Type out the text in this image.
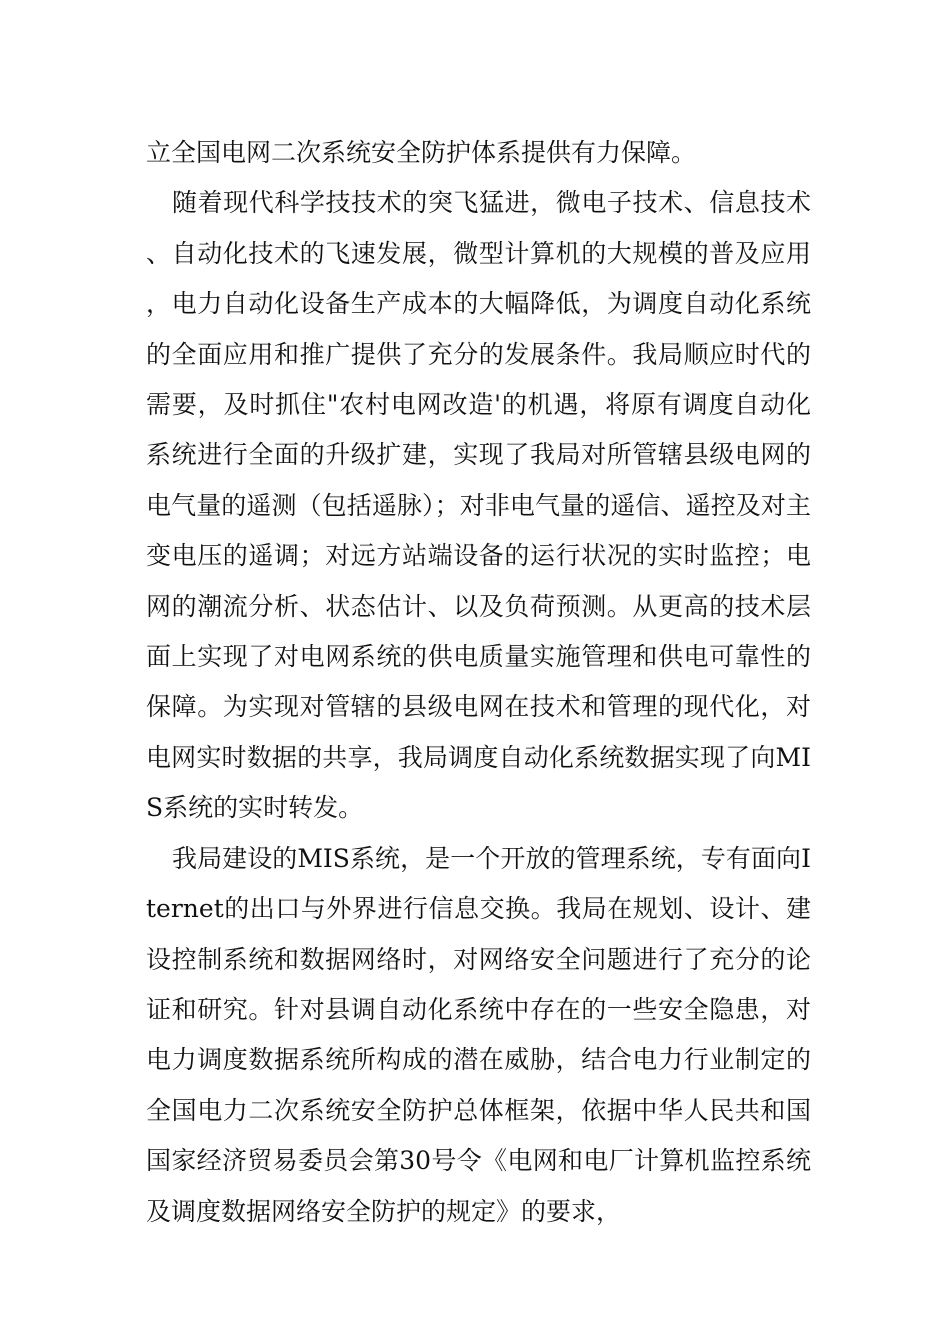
立全国电网二次系统安全防护体系提供有力保障。

随着现代科学技技术的突飞猛进，微电子技术、信息技术、自动化技术的飞速发展，微型计算机的大规模的普及应用，电力自动化设备生产成本的大幅降低，为调度自动化系统的全面应用和推广提供了充分的发展条件。我局顺应时代的需要，及时抓住"农村电网改造'的机遇，将原有调度自动化系统进行全面的升级扩建，实现了我局对所管辖县级电网的电气量的遥测（包括遥脉）；对非电气量的遥信、遥控及对主变电压的遥调；对远方站端设备的运行状况的实时监控；电网的潮流分析、状态估计、以及负荷预测。从更高的技术层面上实现了对电网系统的供电质量实施管理和供电可靠性的保障。为实现对管辖的县级电网在技术和管理的现代化，对电网实时数据的共享，我局调度自动化系统数据实现了向MIS系统的实时转发。

我局建设的MIS系统，是一个开放的管理系统，专有面向Iternet的出口与外界进行信息交换。我局在规划、设计、建设控制系统和数据网络时，对网络安全问题进行了充分的论证和研究。针对县调自动化系统中存在的一些安全隐患，对电力调度数据系统所构成的潜在威胁，结合电力行业制定的全国电力二次系统安全防护总体框架，依据中华人民共和国国家经济贸易委员会第30号令《电网和电厂计算机监控系统及调度数据网络安全防护的规定》的要求，
